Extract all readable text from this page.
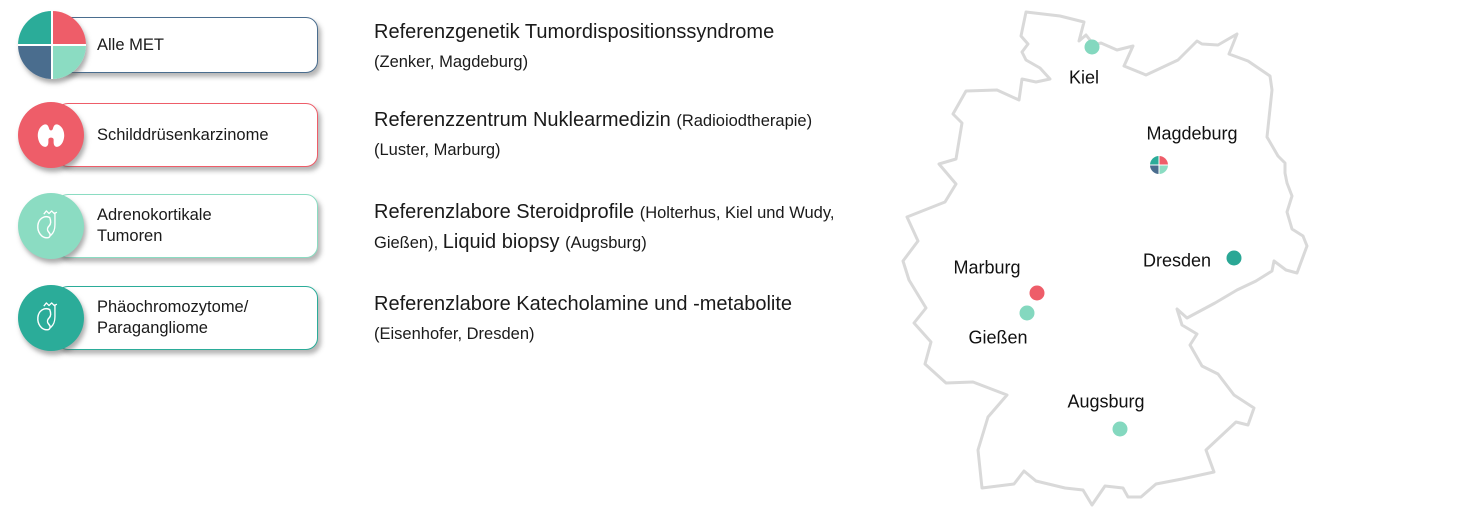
Alle MET
Schilddrüsenkarzinome
Adrenokortikale
Tumoren
Phäochromozytome/
Paragangliome

Referenzgenetik Tumordispositionssyndrome

(Zenker, Magdeburg)

Referenzzentrum Nuklearmedizin (Radioiodtherapie)

(Luster, Marburg)

Referenzlabore Steroidprofile (Holterhus, Kiel und Wudy, Gießen), Liquid biopsy (Augsburg)

Referenzlabore Katecholamine und -metabolite

(Eisenhofer, Dresden)

Kiel
Magdeburg
Dresden
Marburg
Gießen
Augsburg
